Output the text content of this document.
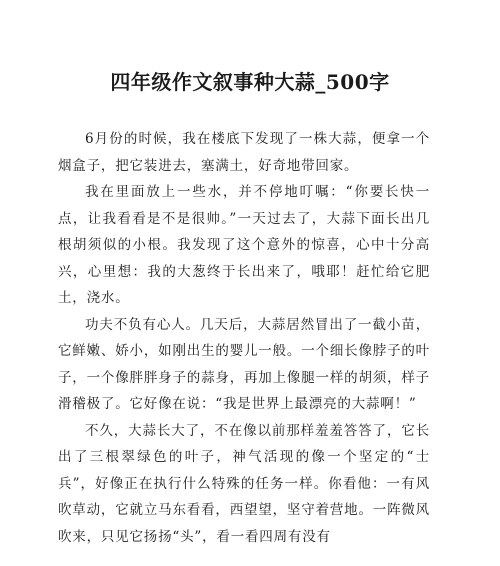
四年级作文叙事种大蒜_500字

6月份的时候，我在楼底下发现了一株大蒜，便拿一个烟盒子，把它装进去，塞满土，好奇地带回家。

我在里面放上一些水，并不停地叮嘱：“你要长快一点，让我看看是不是很帅。”一天过去了，大蒜下面长出几根胡须似的小根。我发现了这个意外的惊喜，心中十分高兴，心里想：我的大葱终于长出来了，哦耶！赶忙给它肥土，浇水。

功夫不负有心人。几天后，大蒜居然冒出了一截小苗，它鲜嫩、娇小，如刚出生的婴儿一般。一个细长像脖子的叶子，一个像胖胖身子的蒜身，再加上像腿一样的胡须，样子滑稽极了。它好像在说：“我是世界上最漂亮的大蒜啊！”

不久，大蒜长大了，不在像以前那样羞羞答答了，它长出了三根翠绿色的叶子，神气活现的像一个坚定的“士兵”，好像正在执行什么特殊的任务一样。你看他：一有风吹草动，它就立马东看看，西望望，坚守着营地。一阵微风吹来，只见它扬扬“头”，看一看四周有没有
